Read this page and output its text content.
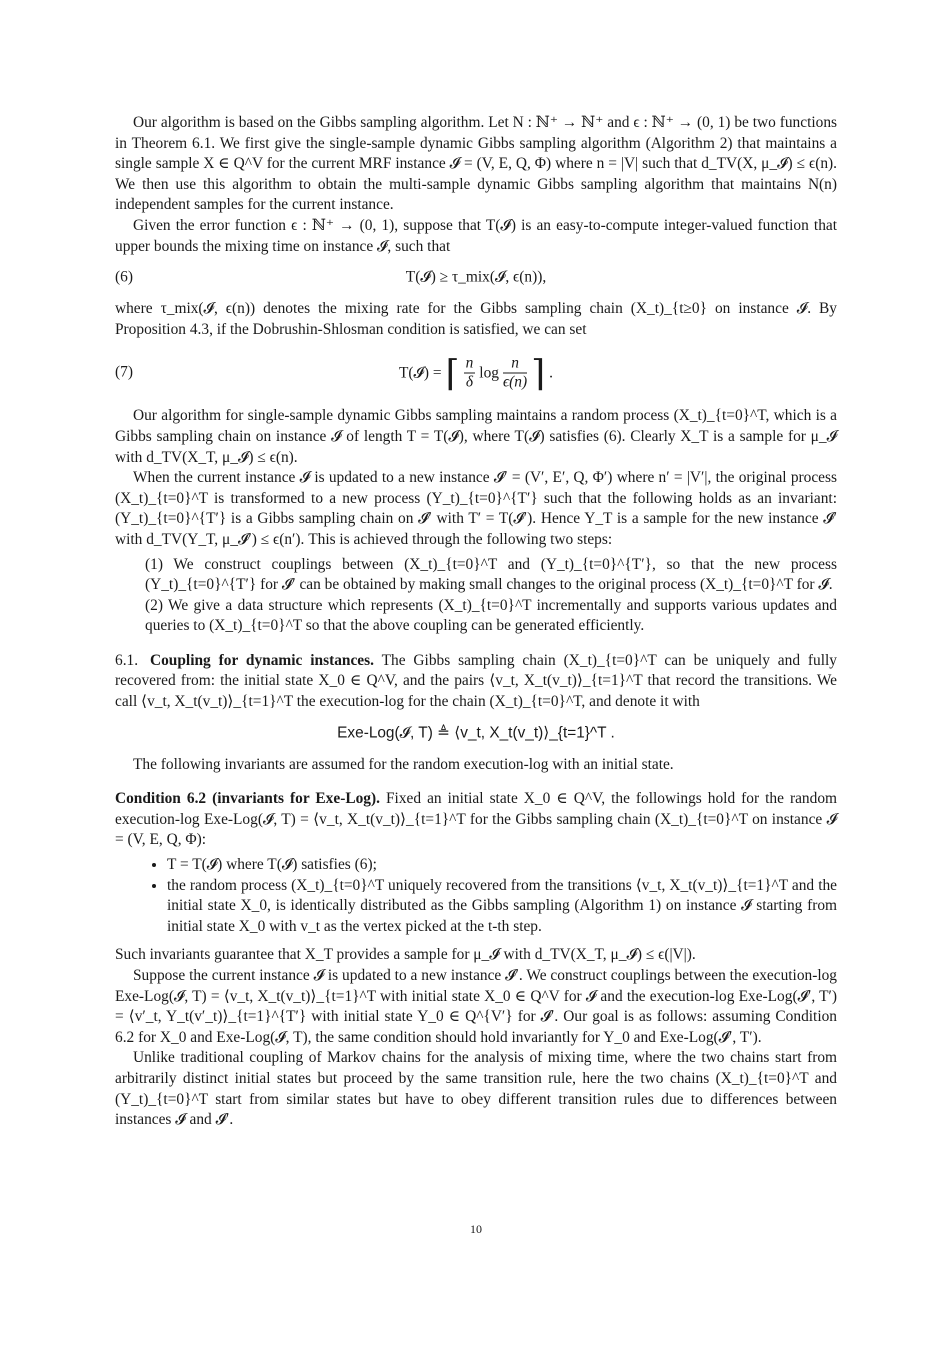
Our algorithm is based on the Gibbs sampling algorithm. Let N : ℕ⁺ → ℕ⁺ and ϵ : ℕ⁺ → (0, 1) be two functions in Theorem 6.1. We first give the single-sample dynamic Gibbs sampling algorithm (Algorithm 2) that maintains a single sample X ∈ Q^V for the current MRF instance 𝓘 = (V, E, Q, Φ) where n = |V| such that d_TV(X, μ_𝓘) ≤ ϵ(n). We then use this algorithm to obtain the multi-sample dynamic Gibbs sampling algorithm that maintains N(n) independent samples for the current instance.

Given the error function ϵ : ℕ⁺ → (0, 1), suppose that T(𝓘) is an easy-to-compute integer-valued function that upper bounds the mixing time on instance 𝓘, such that

(6)	T(𝓘) ≥ τ_mix(𝓘, ϵ(n)),

where τ_mix(𝓘, ϵ(n)) denotes the mixing rate for the Gibbs sampling chain (X_t)_{t≥0} on instance 𝓘. By Proposition 4.3, if the Dobrushin-Shlosman condition is satisfied, we can set

(7)	T(𝓘) = ⌈ $\frac{n}{\delta}$ $\log \frac{n}{\epsilon(n)}$ ⌉ .

Our algorithm for single-sample dynamic Gibbs sampling maintains a random process (X_t)_{t=0}^T, which is a Gibbs sampling chain on instance 𝓘 of length T = T(𝓘), where T(𝓘) satisfies (6). Clearly X_T is a sample for μ_𝓘 with d_TV(X_T, μ_𝓘) ≤ ϵ(n).

When the current instance 𝓘 is updated to a new instance 𝓘′ = (V′, E′, Q, Φ′) where n′ = |V′|, the original process (X_t)_{t=0}^T is transformed to a new process (Y_t)_{t=0}^{T′} such that the following holds as an invariant: (Y_t)_{t=0}^{T′} is a Gibbs sampling chain on 𝓘′ with T′ = T(𝓘′). Hence Y_T is a sample for the new instance 𝓘′ with d_TV(Y_T, μ_𝓘′) ≤ ϵ(n′). This is achieved through the following two steps:

(1) We construct couplings between (X_t)_{t=0}^T and (Y_t)_{t=0}^{T′}, so that the new process (Y_t)_{t=0}^{T′} for 𝓘′ can be obtained by making small changes to the original process (X_t)_{t=0}^T for 𝓘.
(2) We give a data structure which represents (X_t)_{t=0}^T incrementally and supports various updates and queries to (X_t)_{t=0}^T so that the above coupling can be generated efficiently.

6.1. Coupling for dynamic instances. The Gibbs sampling chain (X_t)_{t=0}^T can be uniquely and fully recovered from: the initial state X_0 ∈ Q^V, and the pairs ⟨v_t, X_t(v_t)⟩_{t=1}^T that record the transitions. We call ⟨v_t, X_t(v_t)⟩_{t=1}^T the execution-log for the chain (X_t)_{t=0}^T, and denote it with

Exe-Log(𝓘, T) ≜ ⟨v_t, X_t(v_t)⟩_{t=1}^T .

The following invariants are assumed for the random execution-log with an initial state.

Condition 6.2 (invariants for Exe-Log). Fixed an initial state X_0 ∈ Q^V, the followings hold for the random execution-log Exe-Log(𝓘, T) = ⟨v_t, X_t(v_t)⟩_{t=1}^T for the Gibbs sampling chain (X_t)_{t=0}^T on instance 𝓘 = (V, E, Q, Φ):

• T = T(𝓘) where T(𝓘) satisfies (6);
• the random process (X_t)_{t=0}^T uniquely recovered from the transitions ⟨v_t, X_t(v_t)⟩_{t=1}^T and the initial state X_0, is identically distributed as the Gibbs sampling (Algorithm 1) on instance 𝓘 starting from initial state X_0 with v_t as the vertex picked at the t-th step.

Such invariants guarantee that X_T provides a sample for μ_𝓘 with d_TV(X_T, μ_𝓘) ≤ ϵ(|V|).

Suppose the current instance 𝓘 is updated to a new instance 𝓘′. We construct couplings between the execution-log Exe-Log(𝓘, T) = ⟨v_t, X_t(v_t)⟩_{t=1}^T with initial state X_0 ∈ Q^V for 𝓘 and the execution-log Exe-Log(𝓘′, T′) = ⟨v′_t, Y_t(v′_t)⟩_{t=1}^{T′} with initial state Y_0 ∈ Q^{V′} for 𝓘′. Our goal is as follows: assuming Condition 6.2 for X_0 and Exe-Log(𝓘, T), the same condition should hold invariantly for Y_0 and Exe-Log(𝓘′, T′).

Unlike traditional coupling of Markov chains for the analysis of mixing time, where the two chains start from arbitrarily distinct initial states but proceed by the same transition rule, here the two chains (X_t)_{t=0}^T and (Y_t)_{t=0}^T start from similar states but have to obey different transition rules due to differences between instances 𝓘 and 𝓘′.

10
